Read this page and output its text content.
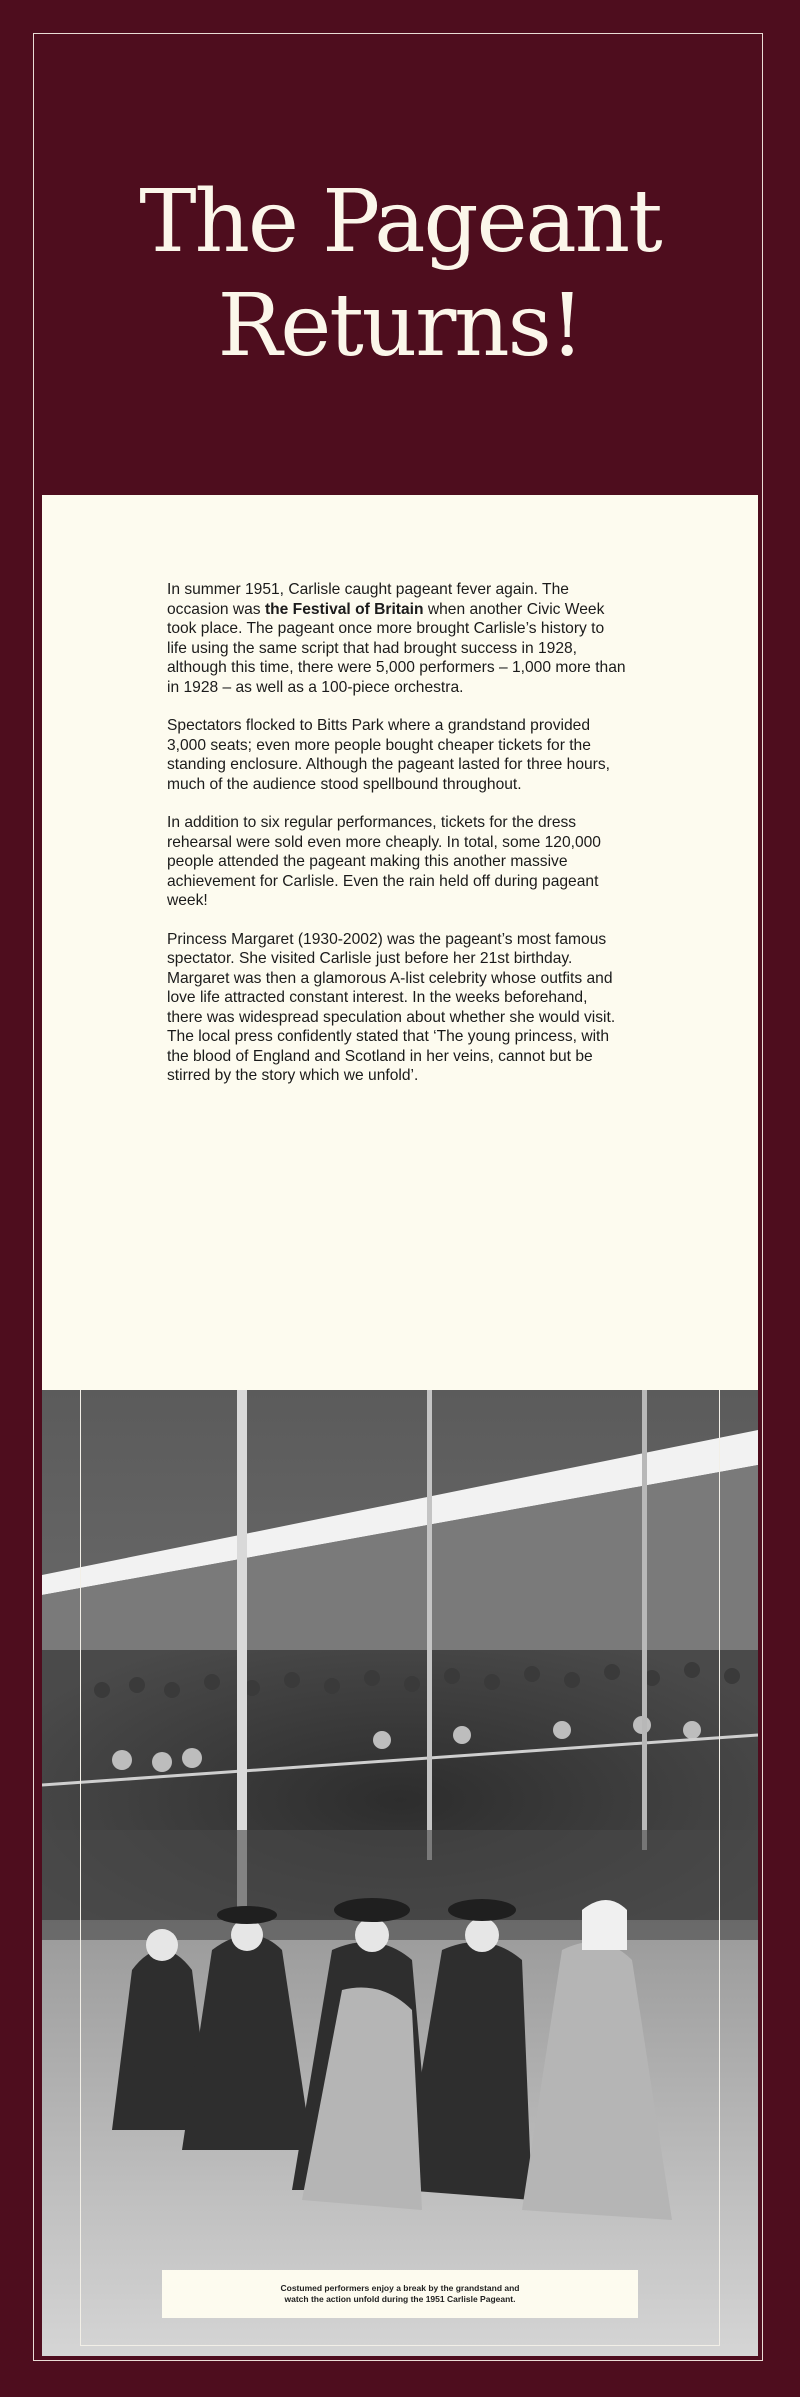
The Pageant
Returns!

In summer 1951, Carlisle caught pageant fever again. The occasion was the Festival of Britain when another Civic Week took place. The pageant once more brought Carlisle’s history to life using the same script that had brought success in 1928, although this time, there were 5,000 performers – 1,000 more than in 1928 – as well as a 100-piece orchestra.

Spectators flocked to Bitts Park where a grandstand provided 3,000 seats; even more people bought cheaper tickets for the standing enclosure. Although the pageant lasted for three hours, much of the audience stood spellbound throughout.

In addition to six regular performances, tickets for the dress rehearsal were sold even more cheaply. In total, some 120,000 people attended the pageant making this another massive achievement for Carlisle. Even the rain held off during pageant week!

Princess Margaret (1930-2002) was the pageant’s most famous spectator. She visited Carlisle just before her 21st birthday. Margaret was then a glamorous A-list celebrity whose outfits and love life attracted constant interest. In the weeks beforehand, there was widespread speculation about whether she would visit. The local press confidently stated that ‘The young princess, with the blood of England and Scotland in her veins, cannot but be stirred by the story which we unfold’.

Costumed performers enjoy a break by the grandstand and
watch the action unfold during the 1951 Carlisle Pageant.
